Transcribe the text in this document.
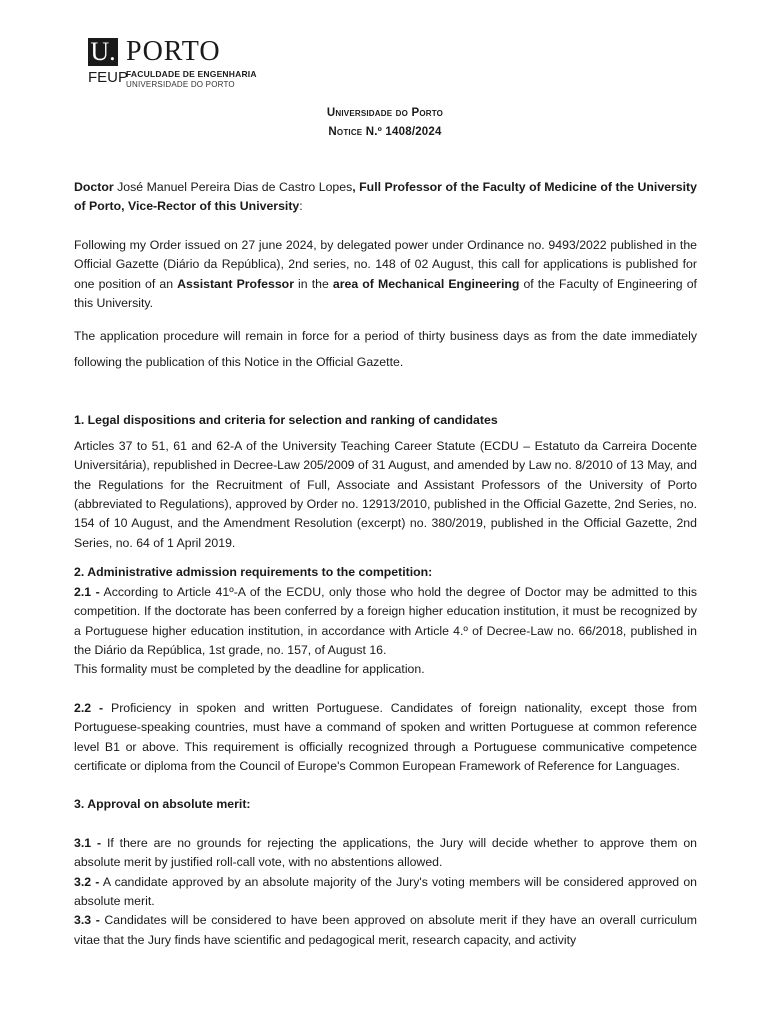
U. PORTO
FEUP
FACULDADE DE ENGENHARIA
UNIVERSIDADE DO PORTO
Universidade do Porto
Notice N.º 1408/2024

Doctor José Manuel Pereira Dias de Castro Lopes, Full Professor of the Faculty of Medicine of the University of Porto, Vice-Rector of this University:

Following my Order issued on 27 june 2024, by delegated power under Ordinance no. 9493/2022 published in the Official Gazette (Diário da República), 2nd series, no. 148 of 02 August, this call for applications is published for one position of an Assistant Professor in the area of Mechanical Engineering of the Faculty of Engineering of this University.

The application procedure will remain in force for a period of thirty business days as from the date immediately following the publication of this Notice in the Official Gazette.

1. Legal dispositions and criteria for selection and ranking of candidates

Articles 37 to 51, 61 and 62-A of the University Teaching Career Statute (ECDU – Estatuto da Carreira Docente Universitária), republished in Decree-Law 205/2009 of 31 August, and amended by Law no. 8/2010 of 13 May, and the Regulations for the Recruitment of Full, Associate and Assistant Professors of the University of Porto (abbreviated to Regulations), approved by Order no. 12913/2010, published in the Official Gazette, 2nd Series, no. 154 of 10 August, and the Amendment Resolution (excerpt) no. 380/2019, published in the Official Gazette, 2nd Series, no. 64 of 1 April 2019.

2. Administrative admission requirements to the competition:

2.1 - According to Article 41º-A of the ECDU, only those who hold the degree of Doctor may be admitted to this competition. If the doctorate has been conferred by a foreign higher education institution, it must be recognized by a Portuguese higher education institution, in accordance with Article 4.º of Decree-Law no. 66/2018, published in the Diário da República, 1st grade, no. 157, of August 16.

This formality must be completed by the deadline for application.

2.2 - Proficiency in spoken and written Portuguese. Candidates of foreign nationality, except those from Portuguese-speaking countries, must have a command of spoken and written Portuguese at common reference level B1 or above. This requirement is officially recognized through a Portuguese communicative competence certificate or diploma from the Council of Europe's Common European Framework of Reference for Languages.

3. Approval on absolute merit:

3.1 - If there are no grounds for rejecting the applications, the Jury will decide whether to approve them on absolute merit by justified roll-call vote, with no abstentions allowed.

3.2 - A candidate approved by an absolute majority of the Jury's voting members will be considered approved on absolute merit.

3.3 - Candidates will be considered to have been approved on absolute merit if they have an overall curriculum vitae that the Jury finds have scientific and pedagogical merit, research capacity, and activity
